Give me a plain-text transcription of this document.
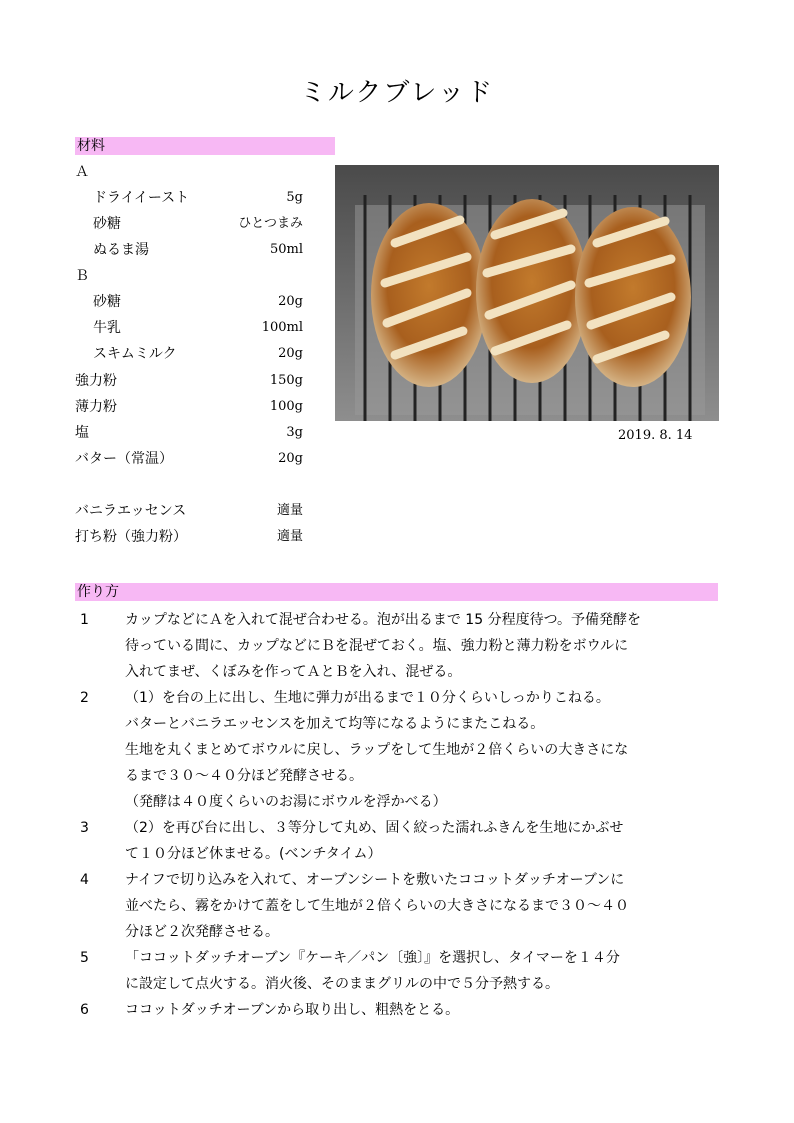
ミルクブレッド
材料
Ａ
ドライイースト	5g
砂糖	ひとつまみ
ぬるま湯	50ml
Ｂ
砂糖	20g
牛乳	100ml
スキムミルク	20g
強力粉	150g
薄力粉	100g
塩	3g
バター（常温）	20g
バニラエッセンス	適量
打ち粉（強力粉）	適量
2019. 8. 14
作り方
1	カップなどにＡを入れて混ぜ合わせる。泡が出るまで 15 分程度待つ。予備発酵を
待っている間に、カップなどにＢを混ぜておく。塩、強力粉と薄力粉をボウルに
入れてまぜ、くぼみを作ってＡとＢを入れ、混ぜる。
2	（1）を台の上に出し、生地に弾力が出るまで１０分くらいしっかりこねる。
バターとバニラエッセンスを加えて均等になるようにまたこねる。
生地を丸くまとめてボウルに戻し、ラップをして生地が２倍くらいの大きさにな
るまで３０～４０分ほど発酵させる。
（発酵は４０度くらいのお湯にボウルを浮かべる）
3	（2）を再び台に出し、３等分して丸め、固く絞った濡れふきんを生地にかぶせ
て１０分ほど休ませる。(ベンチタイム）
4	ナイフで切り込みを入れて、オーブンシートを敷いたココットダッチオーブンに
並べたら、霧をかけて蓋をして生地が２倍くらいの大きさになるまで３０～４０
分ほど２次発酵させる。
5	「ココットダッチオーブン『ケーキ／パン〔強〕』を選択し、タイマーを１４分
に設定して点火する。消火後、そのままグリルの中で５分予熱する。
6	ココットダッチオーブンから取り出し、粗熱をとる。
